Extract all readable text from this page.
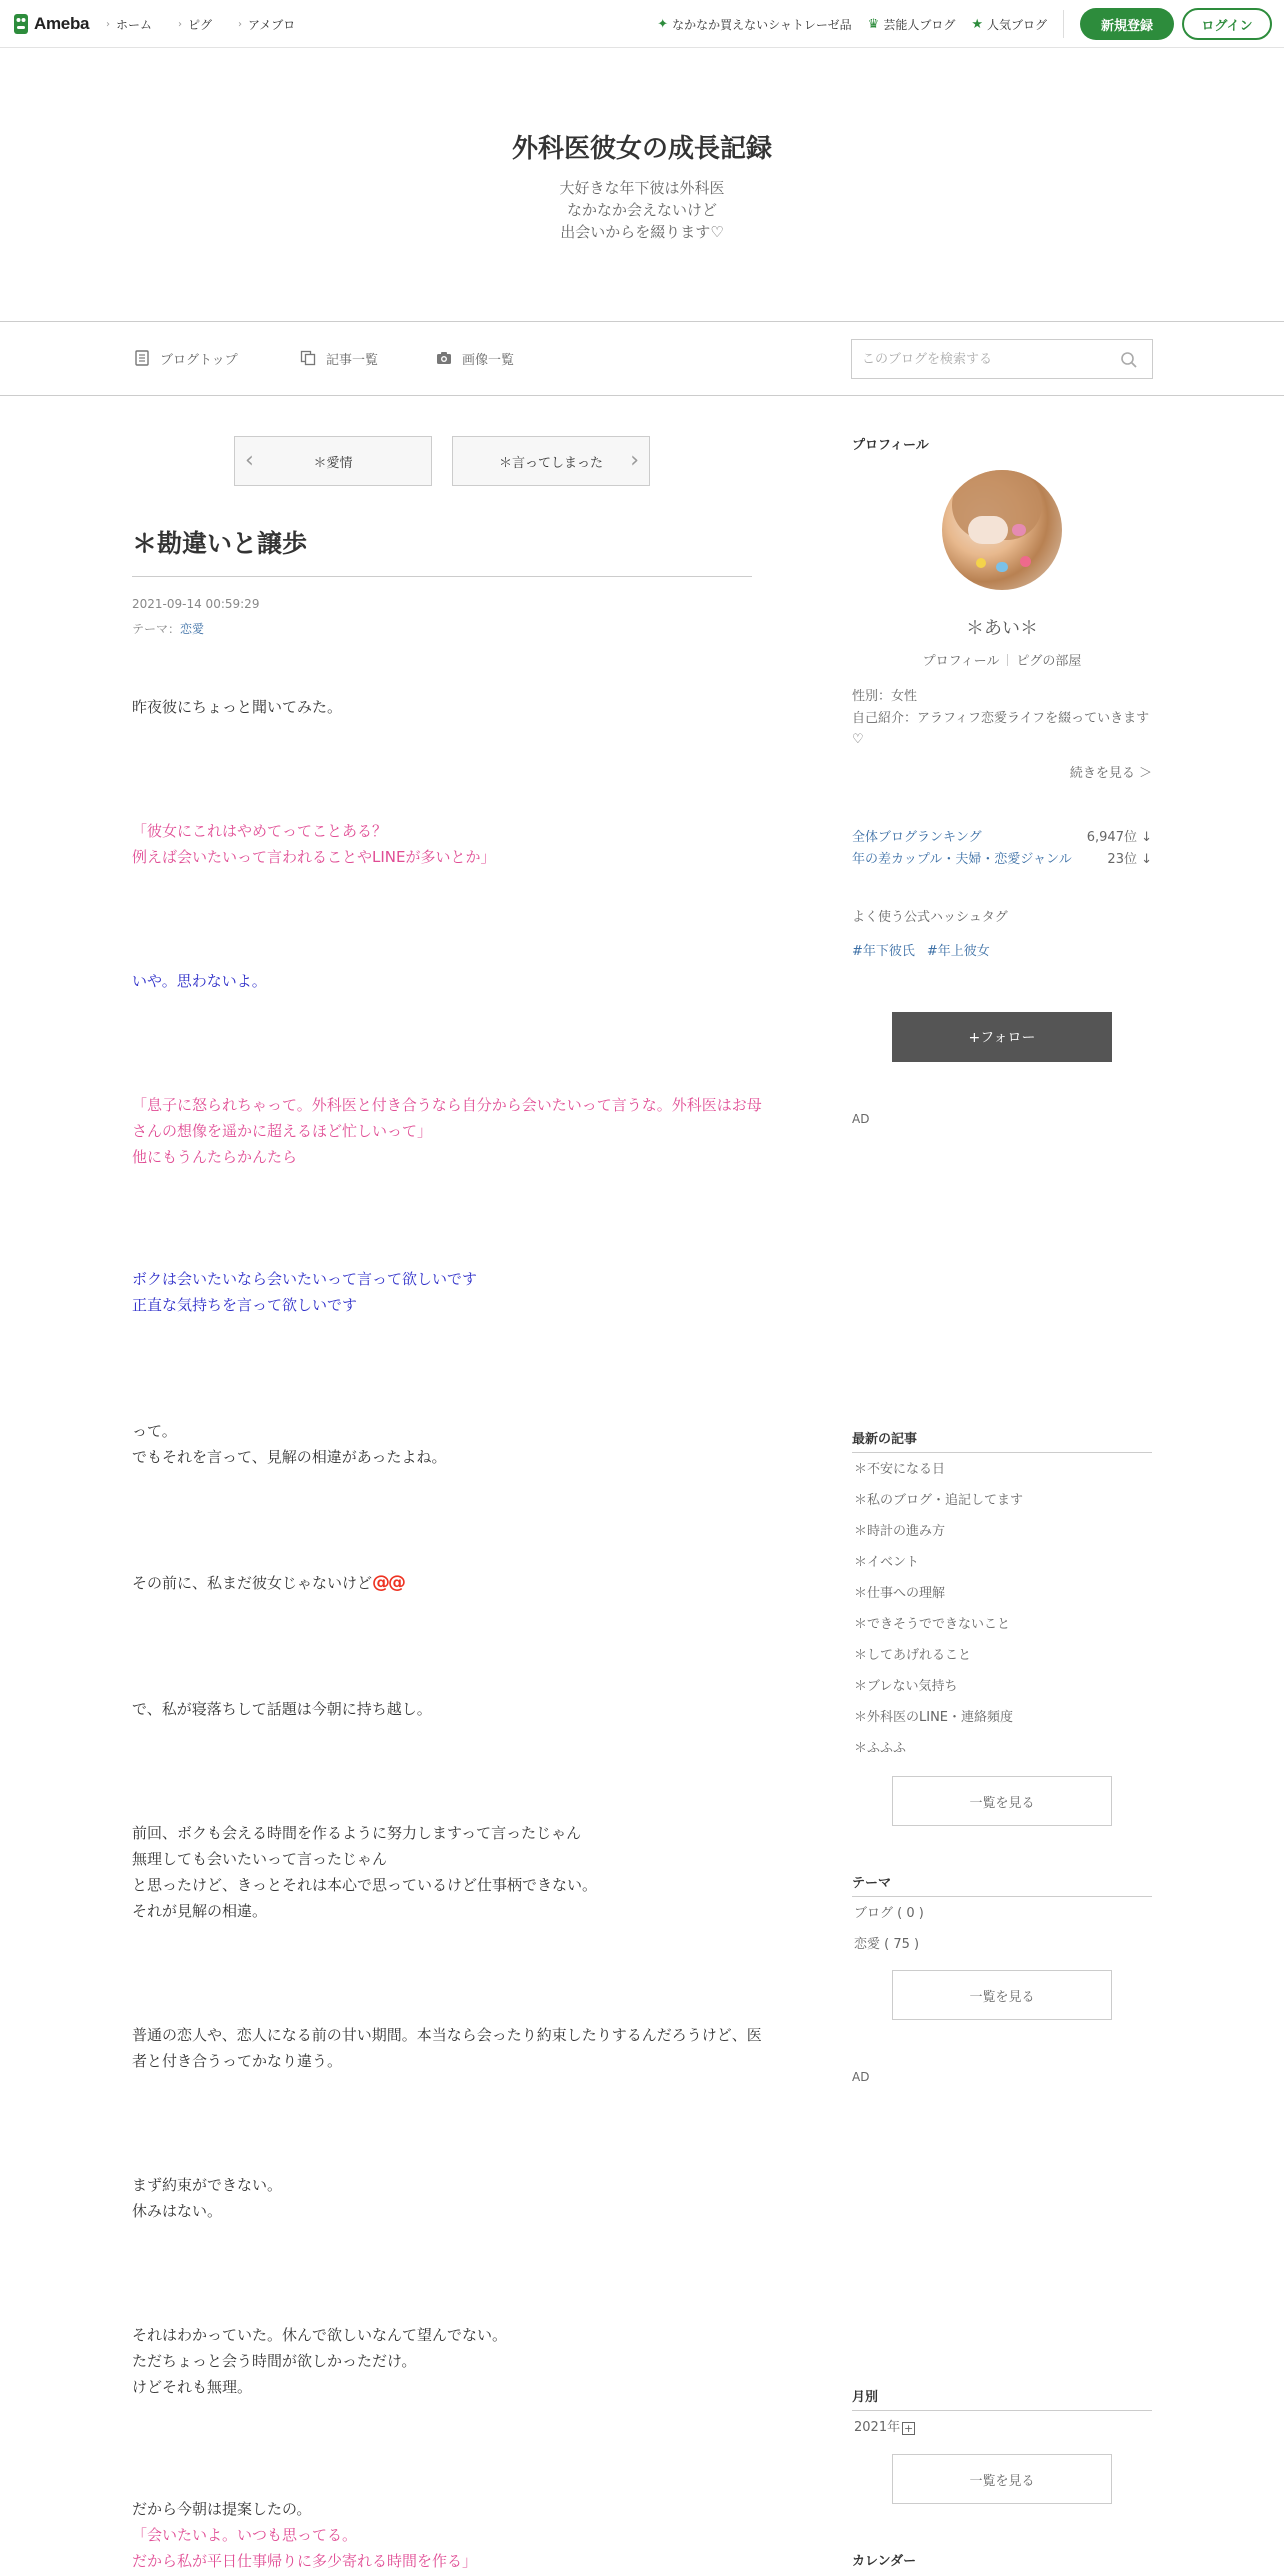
Ameba › ホーム	› ピグ	› アメブロ	✦ なかなか買えないシャトレーゼ品 ♛ 芸能人ブログ ★ 人気ブログ	新規登録	ログイン
外科医彼女の成長記録
大好きな年下彼は外科医
なかなか会えないけど
出会いからを綴ります♡
ブログトップ	記事一覧	画像一覧
このブログを検索する
‹	＊愛情	＊言ってしまった ›
＊勘違いと譲歩
2021-09-14 00:59:29
テーマ：恋愛
昨夜彼にちょっと聞いてみた。
「彼女にこれはやめてってことある？
例えば会いたいって言われることやLINEが多いとか」
いや。思わないよ。
「息子に怒られちゃって。外科医と付き合うなら自分から会いたいって言うな。外科医はお母さんの想像を遥かに超えるほど忙しいって」
他にもうんたらかんたら
ボクは会いたいなら会いたいって言って欲しいです
正直な気持ちを言って欲しいです
って。
でもそれを言って、見解の相違があったよね。
その前に、私まだ彼女じゃないけど@@
で、私が寝落ちして話題は今朝に持ち越し。
前回、ボクも会える時間を作るように努力しますって言ったじゃん
無理しても会いたいって言ったじゃん
と思ったけど、きっとそれは本心で思っているけど仕事柄できない。
それが見解の相違。
普通の恋人や、恋人になる前の甘い期間。本当なら会ったり約束したりするんだろうけど、医者と付き合うってかなり違う。
まず約束ができない。
休みはない。
それはわかっていた。休んで欲しいなんて望んでない。
ただちょっと会う時間が欲しかっただけ。
けどそれも無理。
だから今朝は提案したの。
「会いたいよ。いつも思ってる。
だから私が平日仕事帰りに多少寄れる時間を作る」
プロフィール
＊あい＊
プロフィール ピグの部屋
性別：女性
自己紹介：アラフィフ恋愛ライフを綴っていきます♡
続きを見る ＞
全体ブログランキング	6,947位 ↓
年の差カップル・夫婦・恋愛ジャンル	23位 ↓
よく使う公式ハッシュタグ
#年下彼氏 #年上彼女
+フォロー
AD
最新の記事
＊不安になる日
＊私のブログ・追記してます
＊時計の進み方
＊イベント
＊仕事への理解
＊できそうでできないこと
＊してあげれること
＊ブレない気持ち
＊外科医のLINE・連絡頻度
＊ふふふ
一覧を見る
テーマ
ブログ ( 0 )
恋愛 ( 75 )
一覧を見る
AD
月別
2021年 +
一覧を見る
カレンダー
